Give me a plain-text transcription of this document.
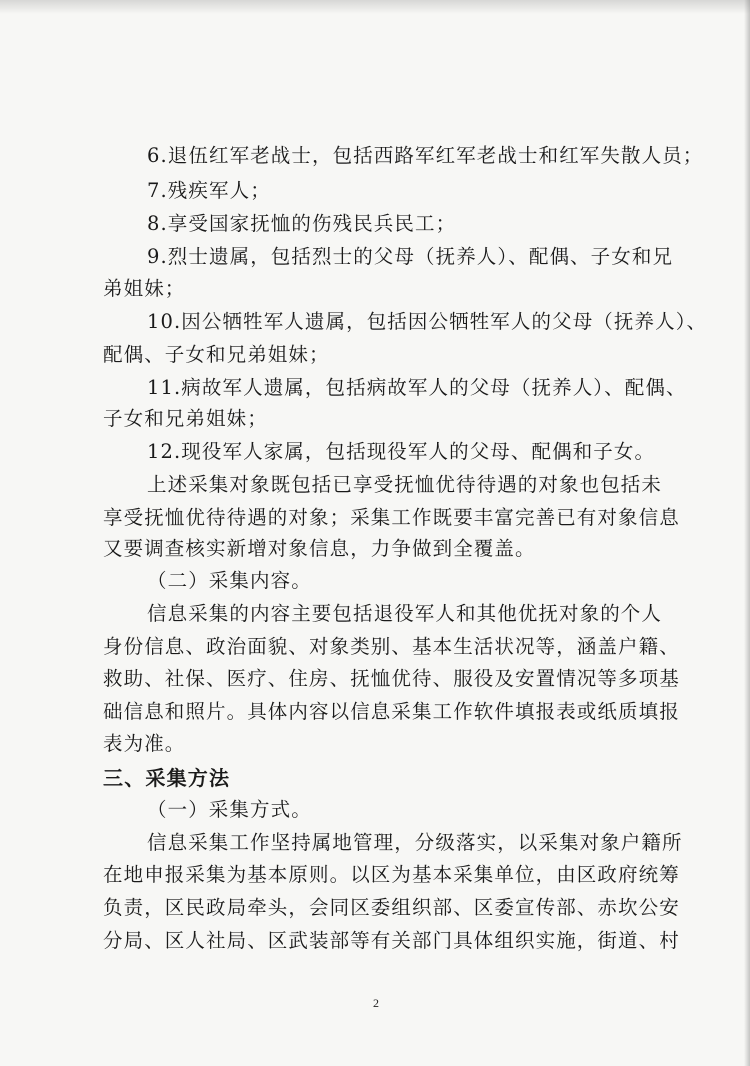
6.退伍红军老战士，包括西路军红军老战士和红军失散人员；
7.残疾军人；
8.享受国家抚恤的伤残民兵民工；
9.烈士遗属，包括烈士的父母（抚养人）、配偶、子女和兄
弟姐妹；
10.因公牺牲军人遗属，包括因公牺牲军人的父母（抚养人）、
配偶、子女和兄弟姐妹；
11.病故军人遗属，包括病故军人的父母（抚养人）、配偶、
子女和兄弟姐妹；
12.现役军人家属，包括现役军人的父母、配偶和子女。
上述采集对象既包括已享受抚恤优待待遇的对象也包括未
享受抚恤优待待遇的对象；采集工作既要丰富完善已有对象信息
又要调查核实新增对象信息，力争做到全覆盖。
（二）采集内容。
信息采集的内容主要包括退役军人和其他优抚对象的个人
身份信息、政治面貌、对象类别、基本生活状况等，涵盖户籍、
救助、社保、医疗、住房、抚恤优待、服役及安置情况等多项基
础信息和照片。具体内容以信息采集工作软件填报表或纸质填报
表为准。
三、采集方法
（一）采集方式。
信息采集工作坚持属地管理，分级落实，以采集对象户籍所
在地申报采集为基本原则。以区为基本采集单位，由区政府统筹
负责，区民政局牵头，会同区委组织部、区委宣传部、赤坎公安
分局、区人社局、区武装部等有关部门具体组织实施，街道、村
2
